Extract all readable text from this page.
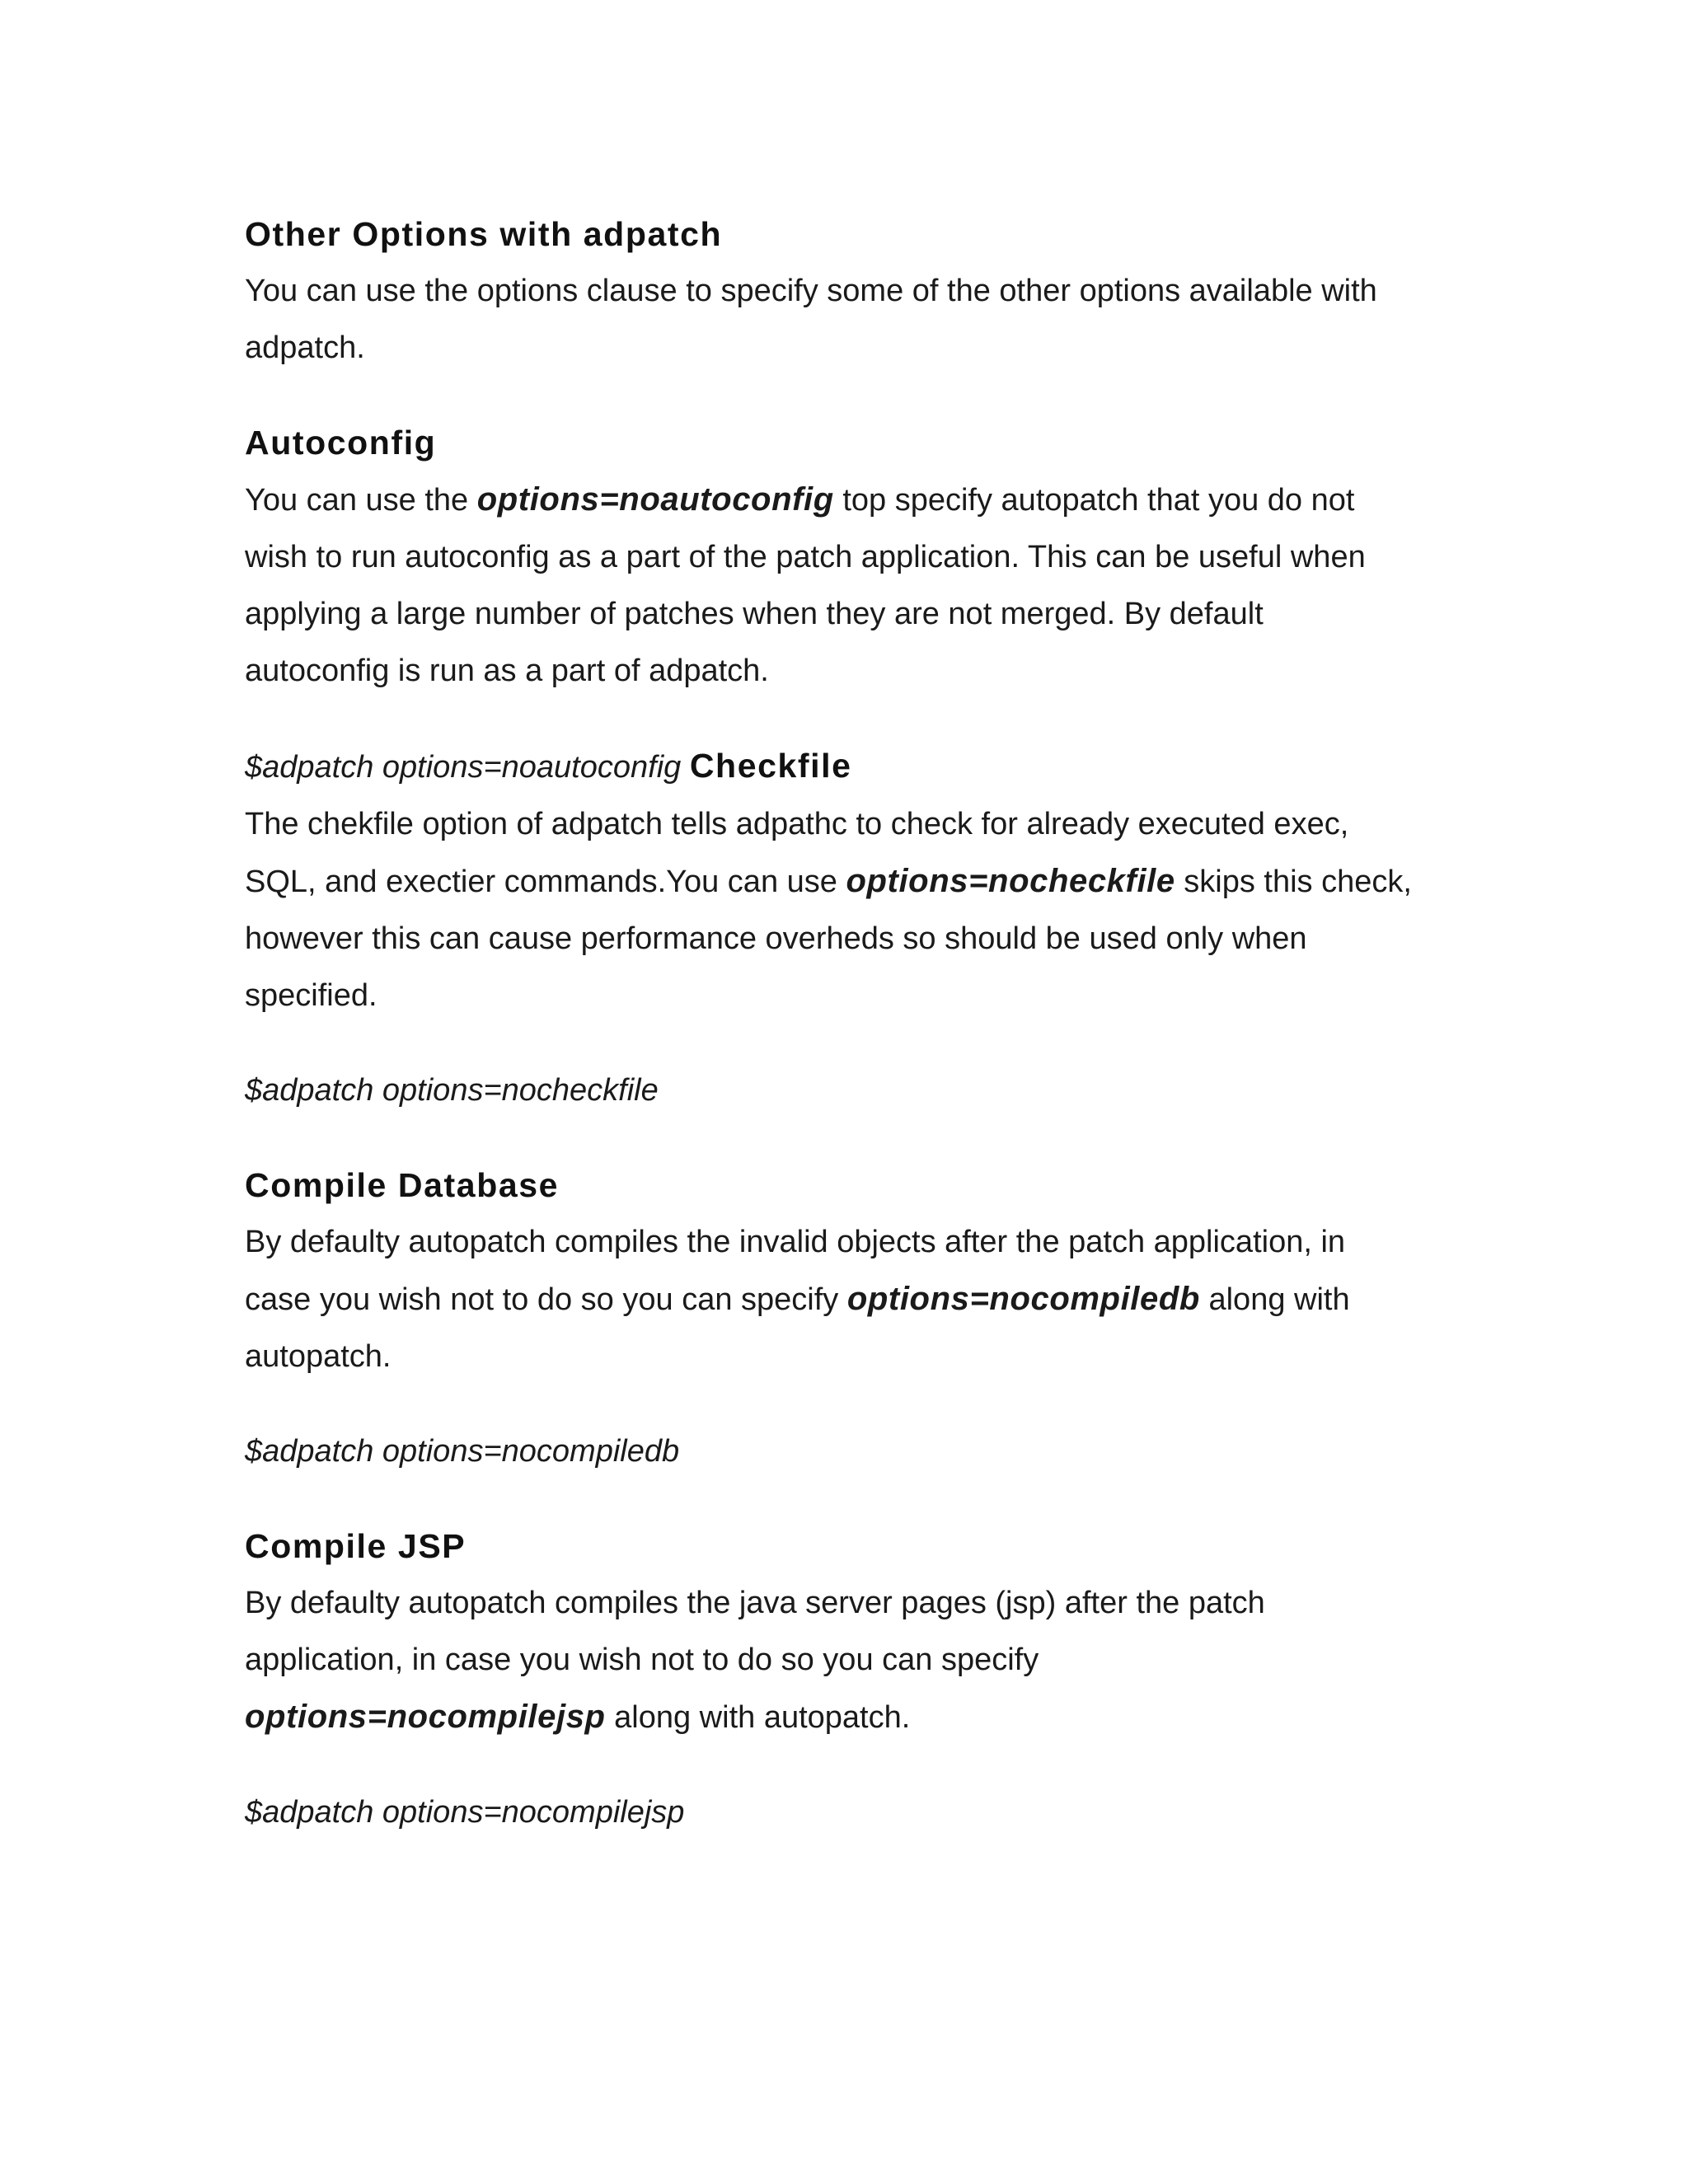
Other Options with adpatch

You can use the options clause to specify some of the other options available with adpatch.

Autoconfig

You can use the options=noautoconfig top specify autopatch that you do not wish to run autoconfig as a part of the patch application. This can be useful when applying a large number of patches when they are not merged. By default autoconfig is run as a part of adpatch.

$adpatch options=noautoconfig Checkfile

The chekfile option of adpatch tells adpathc to check for already executed exec, SQL, and exectier commands.You can use options=nocheckfile skips this check, however this can cause performance overheds so should be used only when specified.

$adpatch options=nocheckfile

Compile Database

By defaulty autopatch compiles the invalid objects after the patch application, in case you wish not to do so you can specify options=nocompiledb along with autopatch.

$adpatch options=nocompiledb

Compile JSP

By defaulty autopatch compiles the java server pages (jsp) after the patch application, in case you wish not to do so you can specify options=nocompilejsp along with autopatch.

$adpatch options=nocompilejsp
